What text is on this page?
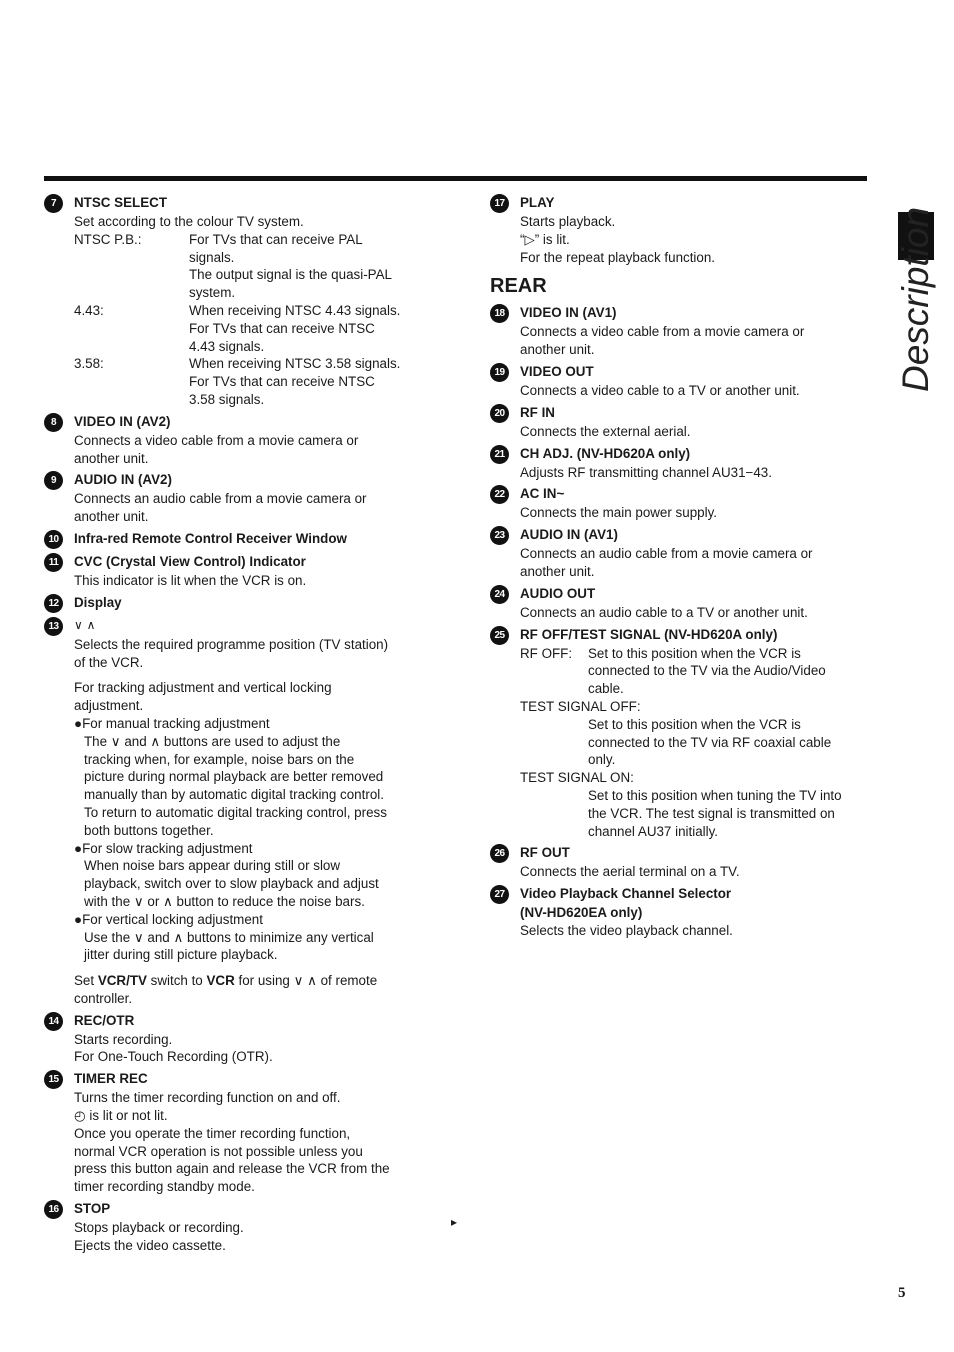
7	NTSC SELECT

Set according to the colour TV system.

NTSC P.B.:	For TVs that can receive PAL
signals.
The output signal is the quasi-PAL
system.
4.43:	When receiving NTSC 4.43 signals.
For TVs that can receive NTSC
4.43 signals.
3.58:	When receiving NTSC 3.58 signals.
For TVs that can receive NTSC
3.58 signals.
8	VIDEO IN (AV2)

Connects a video cable from a movie camera or

another unit.

9	AUDIO IN (AV2)

Connects an audio cable from a movie camera or

another unit.

10	Infra-red Remote Control Receiver Window
11	CVC (Crystal View Control) Indicator

This indicator is lit when the VCR is on.

12	Display
13	∨ ∧

Selects the required programme position (TV station)

of the VCR.

For tracking adjustment and vertical locking

adjustment.

●For manual tracking adjustment

The ∨ and ∧ buttons are used to adjust the

tracking when, for example, noise bars on the

picture during normal playback are better removed

manually than by automatic digital tracking control.

To return to automatic digital tracking control, press

both buttons together.

●For slow tracking adjustment

When noise bars appear during still or slow

playback, switch over to slow playback and adjust

with the ∨ or ∧ button to reduce the noise bars.

●For vertical locking adjustment

Use the ∨ and ∧ buttons to minimize any vertical

jitter during still picture playback.

Set VCR/TV switch to VCR for using ∨ ∧ of remote

controller.

14	REC/OTR

Starts recording.

For One-Touch Recording (OTR).

15	TIMER REC

Turns the timer recording function on and off.

◴ is lit or not lit.

Once you operate the timer recording function,

normal VCR operation is not possible unless you

press this button again and release the VCR from the

timer recording standby mode.

16	STOP

Stops playback or recording.

Ejects the video cassette.

17	PLAY

Starts playback.

“▷” is lit.

For the repeat playback function.

REAR
18	VIDEO IN (AV1)

Connects a video cable from a movie camera or

another unit.

19	VIDEO OUT

Connects a video cable to a TV or another unit.

20	RF IN

Connects the external aerial.

21	CH ADJ. (NV-HD620A only)

Adjusts RF transmitting channel AU31−43.

22	AC IN~

Connects the main power supply.

23	AUDIO IN (AV1)

Connects an audio cable from a movie camera or

another unit.

24	AUDIO OUT

Connects an audio cable to a TV or another unit.

25	RF OFF/TEST SIGNAL (NV-HD620A only)
RF OFF:	Set to this position when the VCR is
connected to the TV via the Audio/Video
cable.

TEST SIGNAL OFF:

Set to this position when the VCR is
connected to the TV via RF coaxial cable
only.

TEST SIGNAL ON:

Set to this position when tuning the TV into
the VCR. The test signal is transmitted on
channel AU37 initially.
26	RF OUT

Connects the aerial terminal on a TV.

27	Video Playback Channel Selector

(NV-HD620EA only)

Selects the video playback channel.

Description
▸
5
